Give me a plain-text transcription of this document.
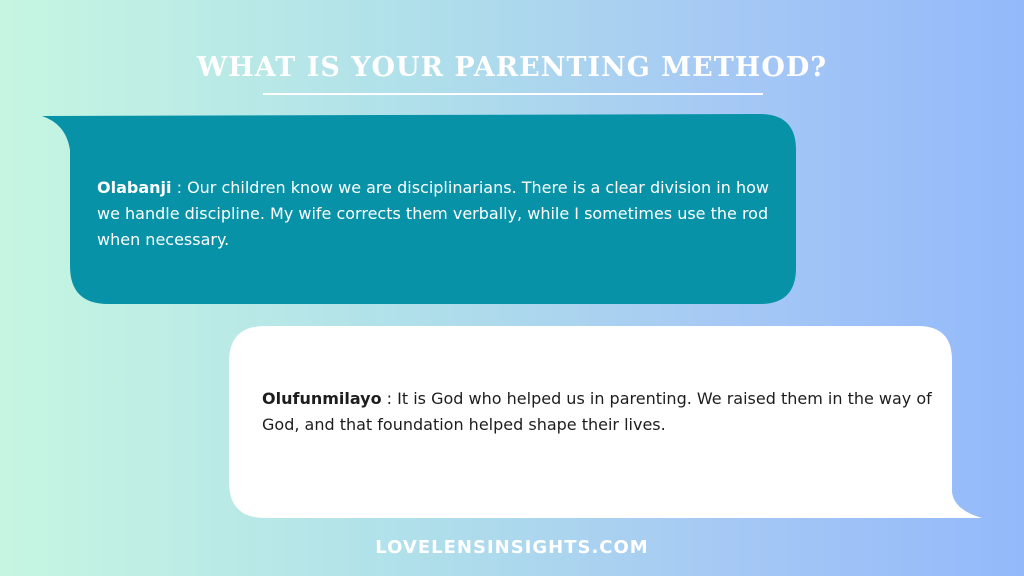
WHAT IS YOUR PARENTING METHOD?
Olabanji : Our children know we are disciplinarians. There is a clear division in how we handle discipline. My wife corrects them verbally, while I sometimes use the rod when necessary.
Olufunmilayo : It is God who helped us in parenting. We raised them in the way of God, and that foundation helped shape their lives.
LOVELENSINSIGHTS.COM
